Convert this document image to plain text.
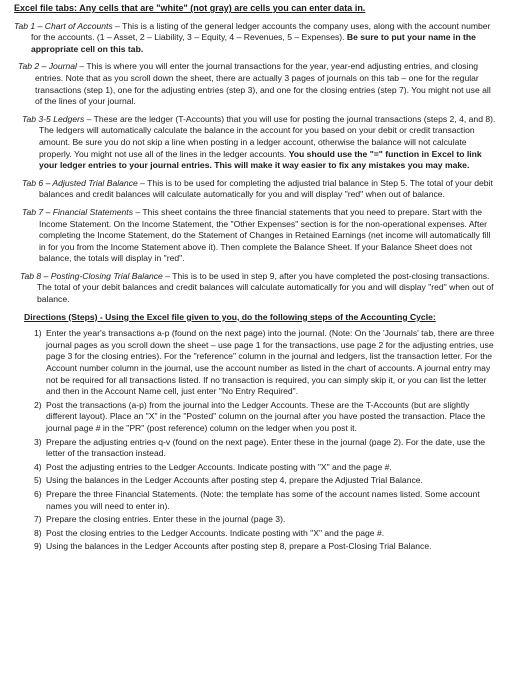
Excel file tabs: Any cells that are "white" (not gray) are cells you can enter data in.
Tab 1 – Chart of Accounts – This is a listing of the general ledger accounts the company uses, along with the account number for the accounts. (1 – Asset, 2 – Liability, 3 – Equity, 4 – Revenues, 5 – Expenses). Be sure to put your name in the appropriate cell on this tab.
Tab 2 – Journal – This is where you will enter the journal transactions for the year, year-end adjusting entries, and closing entries. Note that as you scroll down the sheet, there are actually 3 pages of journals on this tab – one for the regular transactions (step 1), one for the adjusting entries (step 3), and one for the closing entries (step 7). You might not use all of the lines of your journal.
Tab 3-5 Ledgers – These are the ledger (T-Accounts) that you will use for posting the journal transactions (steps 2, 4, and 8). The ledgers will automatically calculate the balance in the account for you based on your debit or credit transaction amount. Be sure you do not skip a line when posting in a ledger account, otherwise the balance will not calculate properly. You might not use all of the lines in the ledger accounts. You should use the "=" function in Excel to link your ledger entries to your journal entries. This will make it way easier to fix any mistakes you may make.
Tab 6 – Adjusted Trial Balance – This is to be used for completing the adjusted trial balance in Step 5. The total of your debit balances and credit balances will calculate automatically for you and will display "red" when out of balance.
Tab 7 – Financial Statements – This sheet contains the three financial statements that you need to prepare. Start with the Income Statement. On the Income Statement, the "Other Expenses" section is for the non-operational expenses. After completing the Income Statement, do the Statement of Changes in Retained Earnings (net income will automatically fill in for you from the Income Statement above it). Then complete the Balance Sheet. If your Balance Sheet does not balance, the totals will display in "red".
Tab 8 – Posting-Closing Trial Balance – This is to be used in step 9, after you have completed the post-closing transactions. The total of your debit balances and credit balances will calculate automatically for you and will display "red" when out of balance.
Directions (Steps) - Using the Excel file given to you, do the following steps of the Accounting Cycle:
1) Enter the year's transactions a-p (found on the next page) into the journal. (Note: On the 'Journals' tab, there are three journal pages as you scroll down the sheet – use page 1 for the transactions, use page 2 for the adjusting entries, use page 3 for the closing entries). For the "reference" column in the journal and ledgers, list the transaction letter. For the Account number column in the journal, use the account number as listed in the chart of accounts. A journal entry may not be required for all transactions listed. If no transaction is required, you can simply skip it, or you can list the letter and then in the Account Name cell, just enter "No Entry Required".
2) Post the transactions (a-p) from the journal into the Ledger Accounts. These are the T-Accounts (but are slightly different layout). Place an "X" in the "Posted" column on the journal after you have posted the transaction. Place the journal page # in the "PR" (post reference) column on the ledger when you post it.
3) Prepare the adjusting entries q-v (found on the next page). Enter these in the journal (page 2). For the date, use the letter of the transaction instead.
4) Post the adjusting entries to the Ledger Accounts. Indicate posting with "X" and the page #.
5) Using the balances in the Ledger Accounts after posting step 4, prepare the Adjusted Trial Balance.
6) Prepare the three Financial Statements. (Note: the template has some of the account names listed. Some account names you will need to enter in).
7) Prepare the closing entries. Enter these in the journal (page 3).
8) Post the closing entries to the Ledger Accounts. Indicate posting with "X" and the page #.
9) Using the balances in the Ledger Accounts after posting step 8, prepare a Post-Closing Trial Balance.
